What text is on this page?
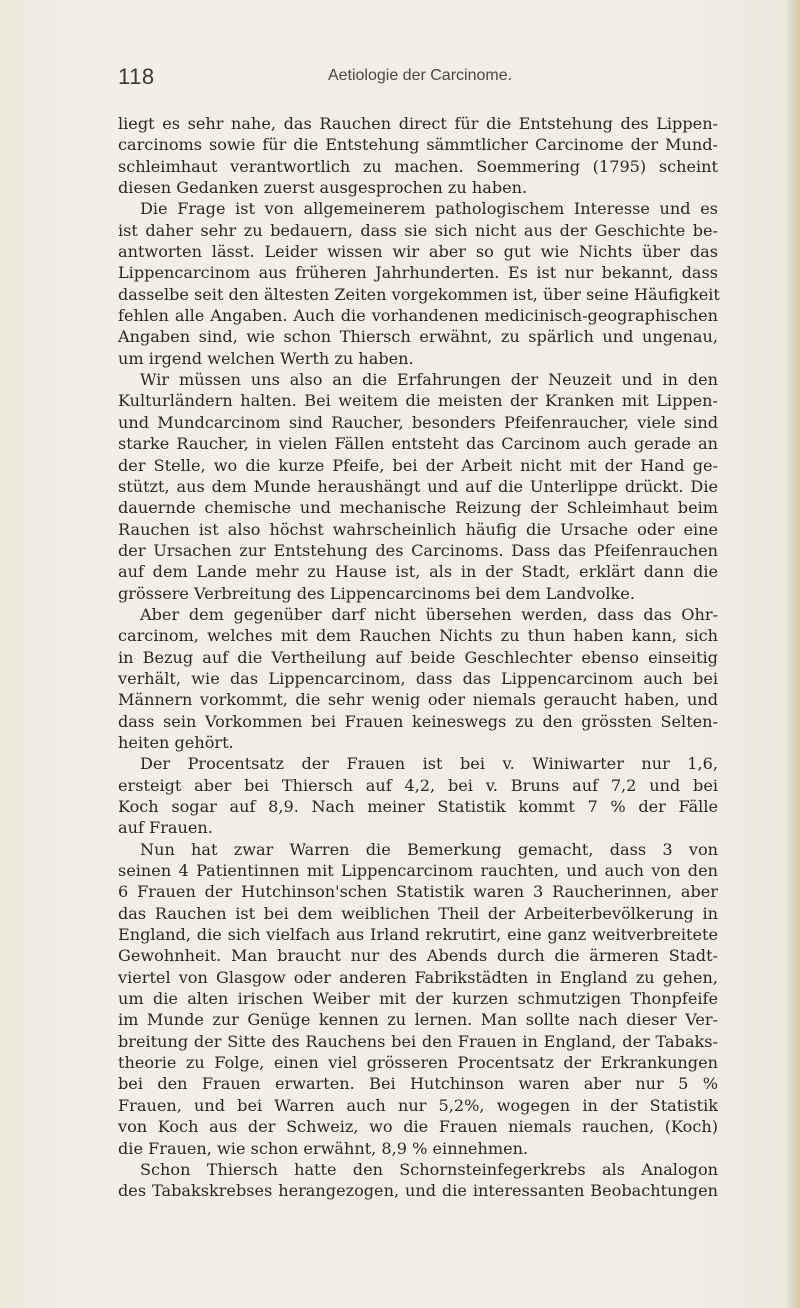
118	Aetiologie der Carcinome.
liegt es sehr nahe, das Rauchen direct für die Entstehung des Lippen-
carcinoms sowie für die Entstehung sämmtlicher Carcinome der Mund-
schleimhaut verantwortlich zu machen. Soemmering (1795) scheint
diesen Gedanken zuerst ausgesprochen zu haben.
Die Frage ist von allgemeinerem pathologischem Interesse und es
ist daher sehr zu bedauern, dass sie sich nicht aus der Geschichte be-
antworten lässt. Leider wissen wir aber so gut wie Nichts über das
Lippencarcinom aus früheren Jahrhunderten. Es ist nur bekannt, dass
dasselbe seit den ältesten Zeiten vorgekommen ist, über seine Häufigkeit
fehlen alle Angaben. Auch die vorhandenen medicinisch-geographischen
Angaben sind, wie schon Thiersch erwähnt, zu spärlich und ungenau,
um irgend welchen Werth zu haben.
Wir müssen uns also an die Erfahrungen der Neuzeit und in den
Kulturländern halten. Bei weitem die meisten der Kranken mit Lippen-
und Mundcarcinom sind Raucher, besonders Pfeifenraucher, viele sind
starke Raucher, in vielen Fällen entsteht das Carcinom auch gerade an
der Stelle, wo die kurze Pfeife, bei der Arbeit nicht mit der Hand ge-
stützt, aus dem Munde heraushängt und auf die Unterlippe drückt. Die
dauernde chemische und mechanische Reizung der Schleimhaut beim
Rauchen ist also höchst wahrscheinlich häufig die Ursache oder eine
der Ursachen zur Entstehung des Carcinoms. Dass das Pfeifenrauchen
auf dem Lande mehr zu Hause ist, als in der Stadt, erklärt dann die
grössere Verbreitung des Lippencarcinoms bei dem Landvolke.
Aber dem gegenüber darf nicht übersehen werden, dass das Ohr-
carcinom, welches mit dem Rauchen Nichts zu thun haben kann, sich
in Bezug auf die Vertheilung auf beide Geschlechter ebenso einseitig
verhält, wie das Lippencarcinom, dass das Lippencarcinom auch bei
Männern vorkommt, die sehr wenig oder niemals geraucht haben, und
dass sein Vorkommen bei Frauen keineswegs zu den grössten Selten-
heiten gehört.
Der Procentsatz der Frauen ist bei v. Winiwarter nur 1,6,
ersteigt aber bei Thiersch auf 4,2, bei v. Bruns auf 7,2 und bei
Koch sogar auf 8,9. Nach meiner Statistik kommt 7 % der Fälle
auf Frauen.
Nun hat zwar Warren die Bemerkung gemacht, dass 3 von
seinen 4 Patientinnen mit Lippencarcinom rauchten, und auch von den
6 Frauen der Hutchinson'schen Statistik waren 3 Raucherinnen, aber
das Rauchen ist bei dem weiblichen Theil der Arbeiterbevölkerung in
England, die sich vielfach aus Irland rekrutirt, eine ganz weitverbreitete
Gewohnheit. Man braucht nur des Abends durch die ärmeren Stadt-
viertel von Glasgow oder anderen Fabrikstädten in England zu gehen,
um die alten irischen Weiber mit der kurzen schmutzigen Thonpfeife
im Munde zur Genüge kennen zu lernen. Man sollte nach dieser Ver-
breitung der Sitte des Rauchens bei den Frauen in England, der Tabaks-
theorie zu Folge, einen viel grösseren Procentsatz der Erkrankungen
bei den Frauen erwarten. Bei Hutchinson waren aber nur 5 %
Frauen, und bei Warren auch nur 5,2%, wogegen in der Statistik
von Koch aus der Schweiz, wo die Frauen niemals rauchen, (Koch)
die Frauen, wie schon erwähnt, 8,9 % einnehmen.
Schon Thiersch hatte den Schornsteinfegerkrebs als Analogon
des Tabakskrebses herangezogen, und die interessanten Beobachtungen
